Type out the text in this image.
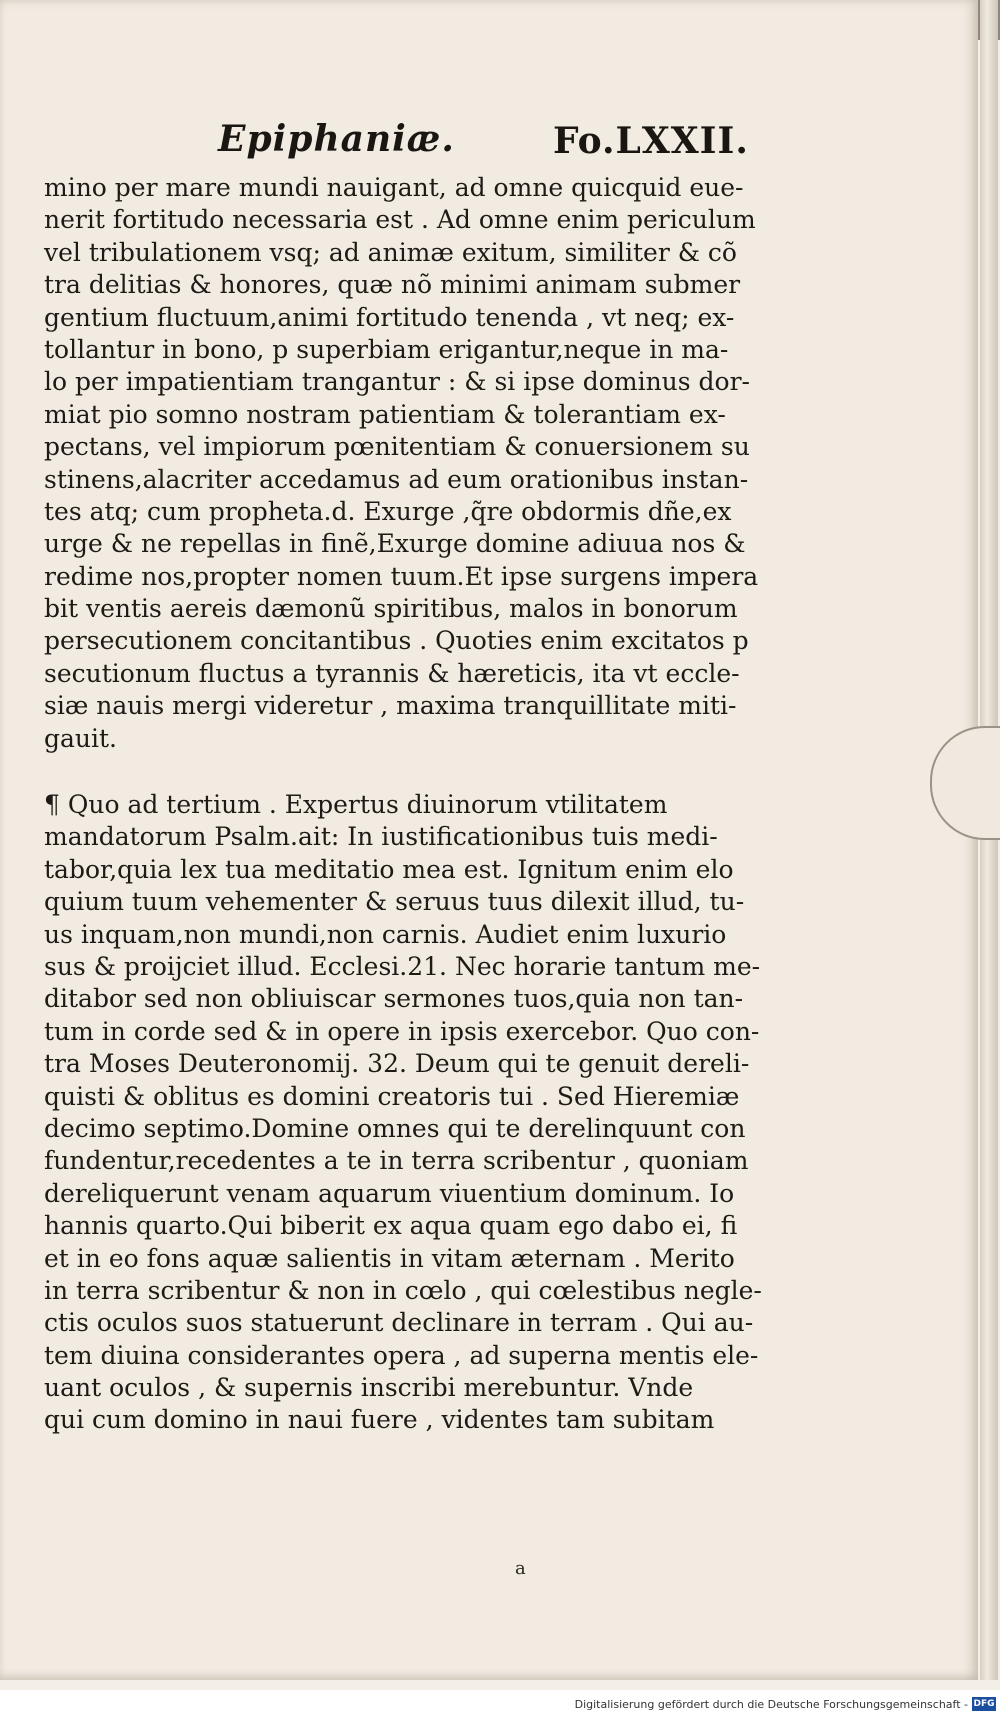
Epiphaniæ.	Fo.LXXII.
mino per mare mundi nauigant, ad omne quicquid eue-
nerit fortitudo necessaria est . Ad omne enim periculum
vel tribulationem vsq; ad animæ exitum, similiter & cõ
tra delitias & honores, quæ nõ minimi animam submer
gentium fluctuum,animi fortitudo tenenda , vt neq; ex-
tollantur in bono, p superbiam erigantur,neque in ma-
lo per impatientiam trangantur : & si ipse dominus dor-
miat pio somno nostram patientiam & tolerantiam ex-
pectans, vel impiorum pœnitentiam & conuersionem su
stinens,alacriter accedamus ad eum orationibus instan-
tes atq; cum propheta.d. Exurge ,q̃re obdormis dñe,ex
urge & ne repellas in finẽ,Exurge domine adiuua nos &
redime nos,propter nomen tuum.Et ipse surgens impera
bit ventis aereis dæmonũ spiritibus, malos in bonorum
persecutionem concitantibus . Quoties enim excitatos p
secutionum fluctus a tyrannis & hæreticis, ita vt eccle-
siæ nauis mergi videretur , maxima tranquillitate miti-
gauit.
¶ Quo ad tertium . Expertus diuinorum vtilitatem
mandatorum Psalm.ait: In iustificationibus tuis medi-
tabor,quia lex tua meditatio mea est. Ignitum enim elo
quium tuum vehementer & seruus tuus dilexit illud, tu-
us inquam,non mundi,non carnis. Audiet enim luxurio
sus & proijciet illud. Ecclesi.21. Nec horarie tantum me-
ditabor sed non obliuiscar sermones tuos,quia non tan-
tum in corde sed & in opere in ipsis exercebor. Quo con-
tra Moses Deuteronomij. 32. Deum qui te genuit dereli-
quisti & oblitus es domini creatoris tui . Sed Hieremiæ
decimo septimo.Domine omnes qui te derelinquunt con
fundentur,recedentes a te in terra scribentur , quoniam
dereliquerunt venam aquarum viuentium dominum. Io
hannis quarto.Qui biberit ex aqua quam ego dabo ei, fi
et in eo fons aquæ salientis in vitam æternam . Merito
in terra scribentur & non in cœlo , qui cœlestibus negle-
ctis oculos suos statuerunt declinare in terram . Qui au-
tem diuina considerantes opera , ad superna mentis ele-
uant oculos , & supernis inscribi merebuntur. Vnde
qui cum domino in naui fuere , videntes tam subitam
a
Digitalisierung gefördert durch die Deutsche Forschungsgemeinschaft - DFG
